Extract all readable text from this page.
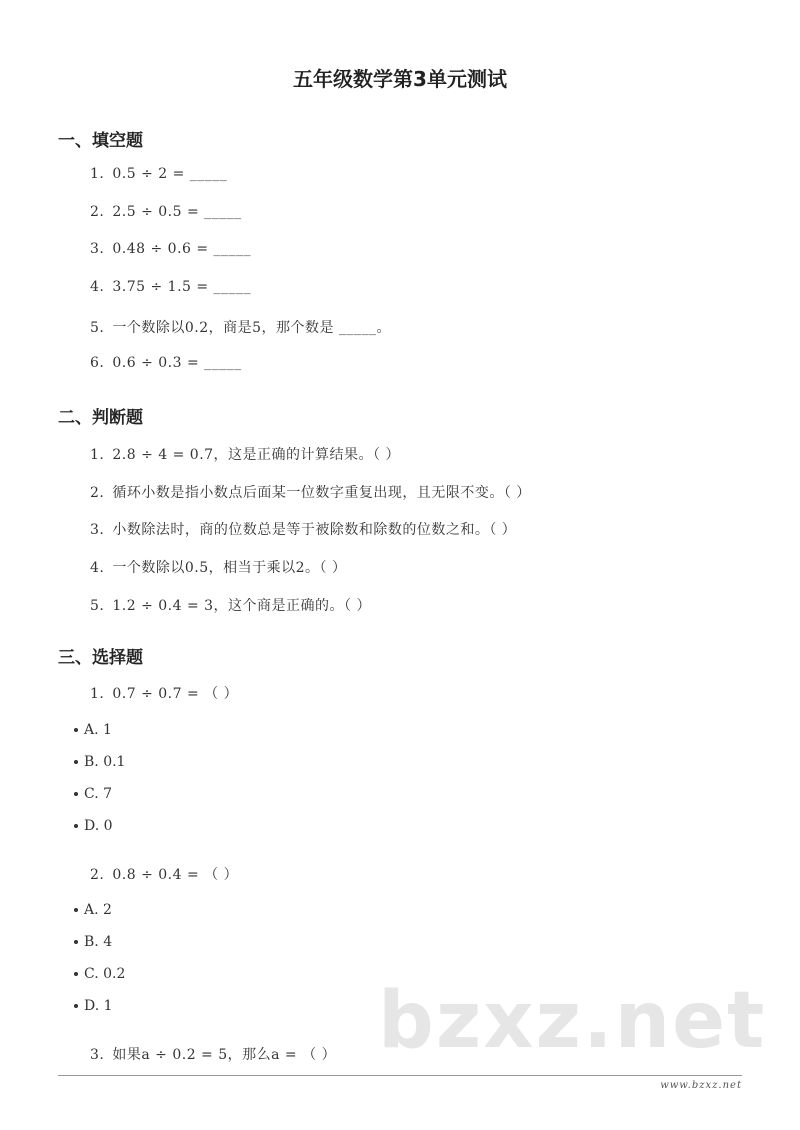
五年级数学第3单元测试
一、填空题
1. 0.5 ÷ 2 = _____
2. 2.5 ÷ 0.5 = _____
3. 0.48 ÷ 0.6 = _____
4. 3.75 ÷ 1.5 = _____
5. 一个数除以0.2，商是5，那个数是 _____。
6. 0.6 ÷ 0.3 = _____
二、判断题
1. 2.8 ÷ 4 = 0.7，这是正确的计算结果。（ ）
2. 循环小数是指小数点后面某一位数字重复出现，且无限不变。（ ）
3. 小数除法时，商的位数总是等于被除数和除数的位数之和。（ ）
4. 一个数除以0.5，相当于乘以2。（ ）
5. 1.2 ÷ 0.4 = 3，这个商是正确的。（ ）
三、选择题
1. 0.7 ÷ 0.7 = （ ）
A. 1
B. 0.1
C. 7
D. 0
2. 0.8 ÷ 0.4 = （ ）
A. 2
B. 4
C. 0.2
D. 1
3. 如果a ÷ 0.2 = 5，那么a = （ ） bzxz.net
www.bzxz.net
